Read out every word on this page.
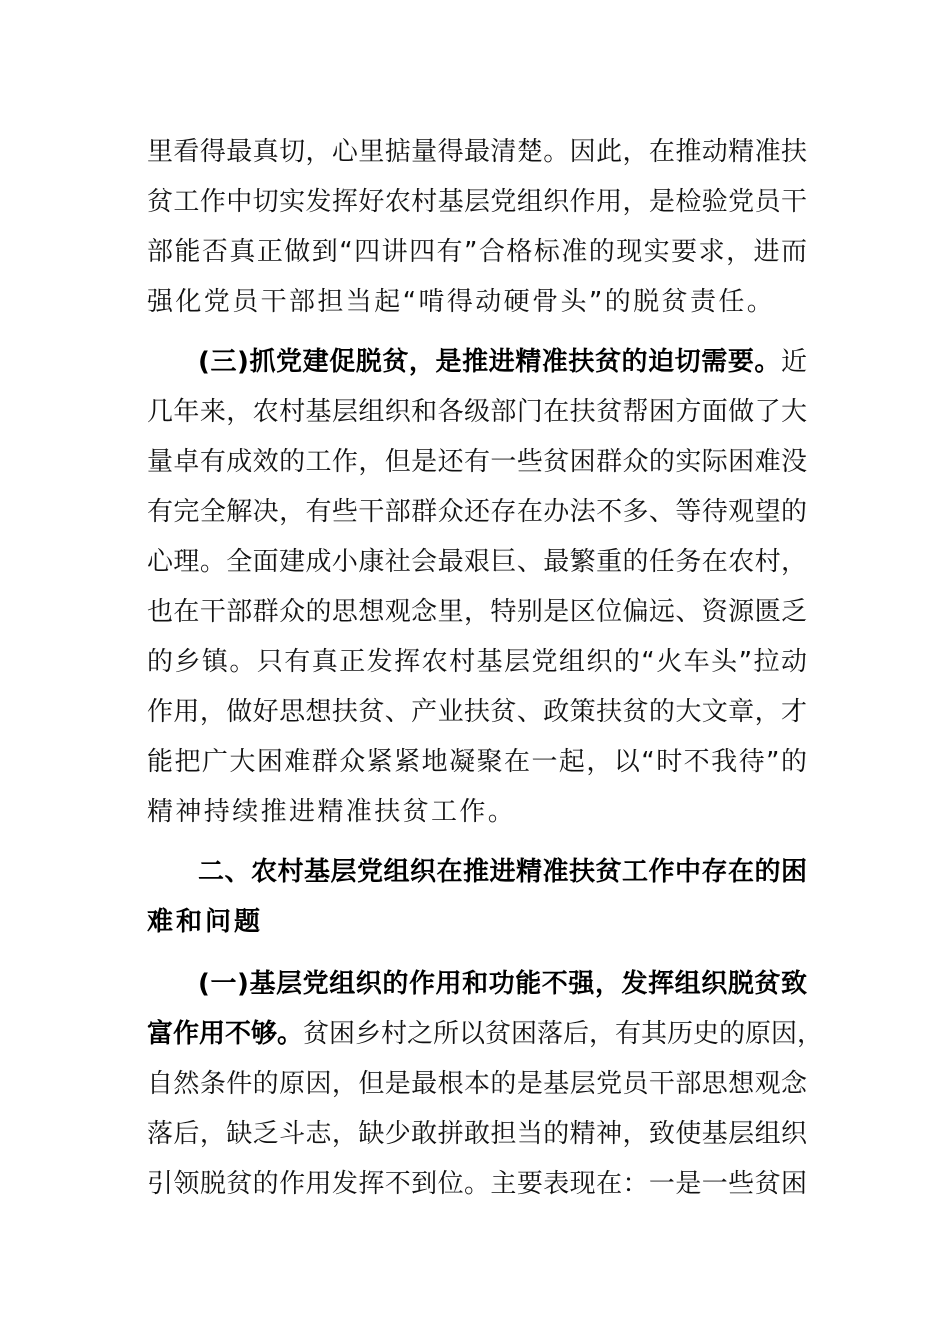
里看得最真切，心里掂量得最清楚。因此，在推动精准扶
贫工作中切实发挥好农村基层党组织作用，是检验党员干
部能否真正做到“四讲四有”合格标准的现实要求，进而
强化党员干部担当起“啃得动硬骨头”的脱贫责任。
(三)抓党建促脱贫，是推进精准扶贫的迫切需要。近
几年来，农村基层组织和各级部门在扶贫帮困方面做了大
量卓有成效的工作，但是还有一些贫困群众的实际困难没
有完全解决，有些干部群众还存在办法不多、等待观望的
心理。全面建成小康社会最艰巨、最繁重的任务在农村，
也在干部群众的思想观念里，特别是区位偏远、资源匮乏
的乡镇。只有真正发挥农村基层党组织的“火车头”拉动
作用，做好思想扶贫、产业扶贫、政策扶贫的大文章，才
能把广大困难群众紧紧地凝聚在一起，以“时不我待”的
精神持续推进精准扶贫工作。
二、农村基层党组织在推进精准扶贫工作中存在的困
难和问题
(一)基层党组织的作用和功能不强，发挥组织脱贫致
富作用不够。贫困乡村之所以贫困落后，有其历史的原因，
自然条件的原因，但是最根本的是基层党员干部思想观念
落后，缺乏斗志，缺少敢拼敢担当的精神，致使基层组织
引领脱贫的作用发挥不到位。主要表现在：一是一些贫困
